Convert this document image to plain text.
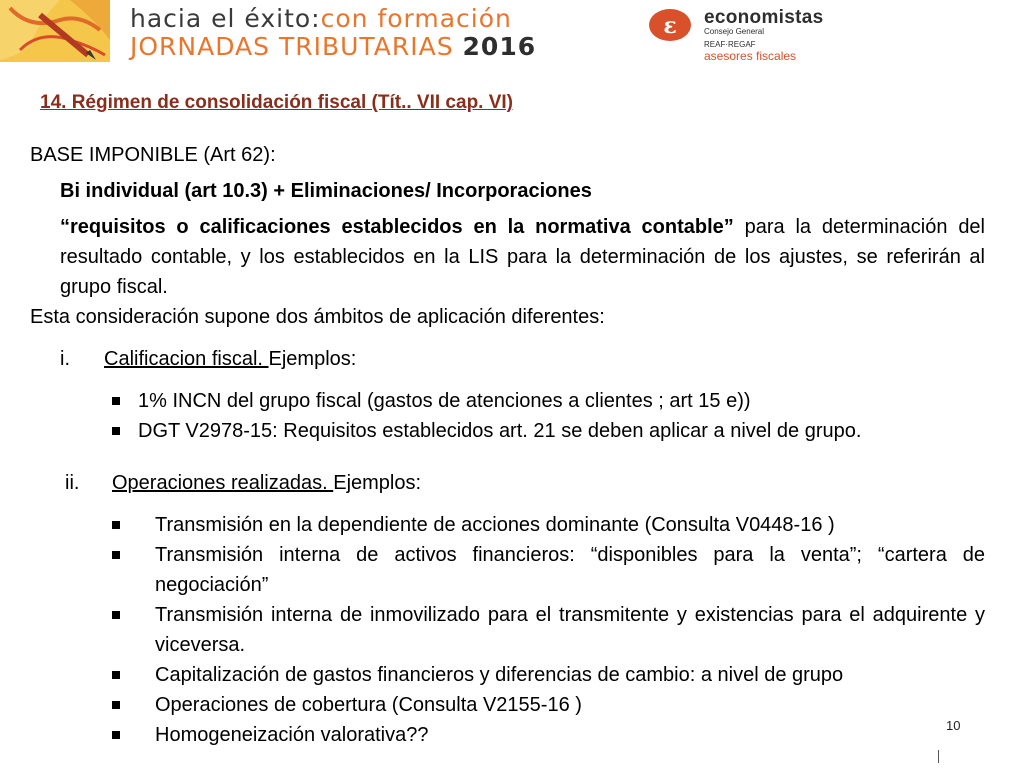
hacia el éxito:con formación
JORNADAS TRIBUTARIAS 2016
ε economistas
Consejo General
REAF·REGAF
asesores fiscales
14. Régimen de consolidación fiscal (Tít.. VII cap. VI)

BASE IMPONIBLE (Art 62):

Bi individual (art 10.3) + Eliminaciones/ Incorporaciones

“requisitos o calificaciones establecidos en la normativa contable” para la determinación del resultado contable, y los establecidos en la LIS para la determinación de los ajustes, se referirán al grupo fiscal.

Esta consideración supone dos ámbitos de aplicación diferentes:

i.	Calificacion fiscal. Ejemplos:
1% INCN del grupo fiscal (gastos de atenciones a clientes ; art 15 e))
DGT V2978-15: Requisitos establecidos art. 21 se deben aplicar a nivel de grupo.
ii.	Operaciones realizadas. Ejemplos:
Transmisión en la dependiente de acciones dominante (Consulta V0448-16 )
Transmisión interna de activos financieros: “disponibles para la venta”; “cartera de negociación”
Transmisión interna de inmovilizado para el transmitente y existencias para el adquirente y viceversa.
Capitalización de gastos financieros y diferencias de cambio: a nivel de grupo
Operaciones de cobertura (Consulta V2155-16 )
Homogeneización valorativa??	10
